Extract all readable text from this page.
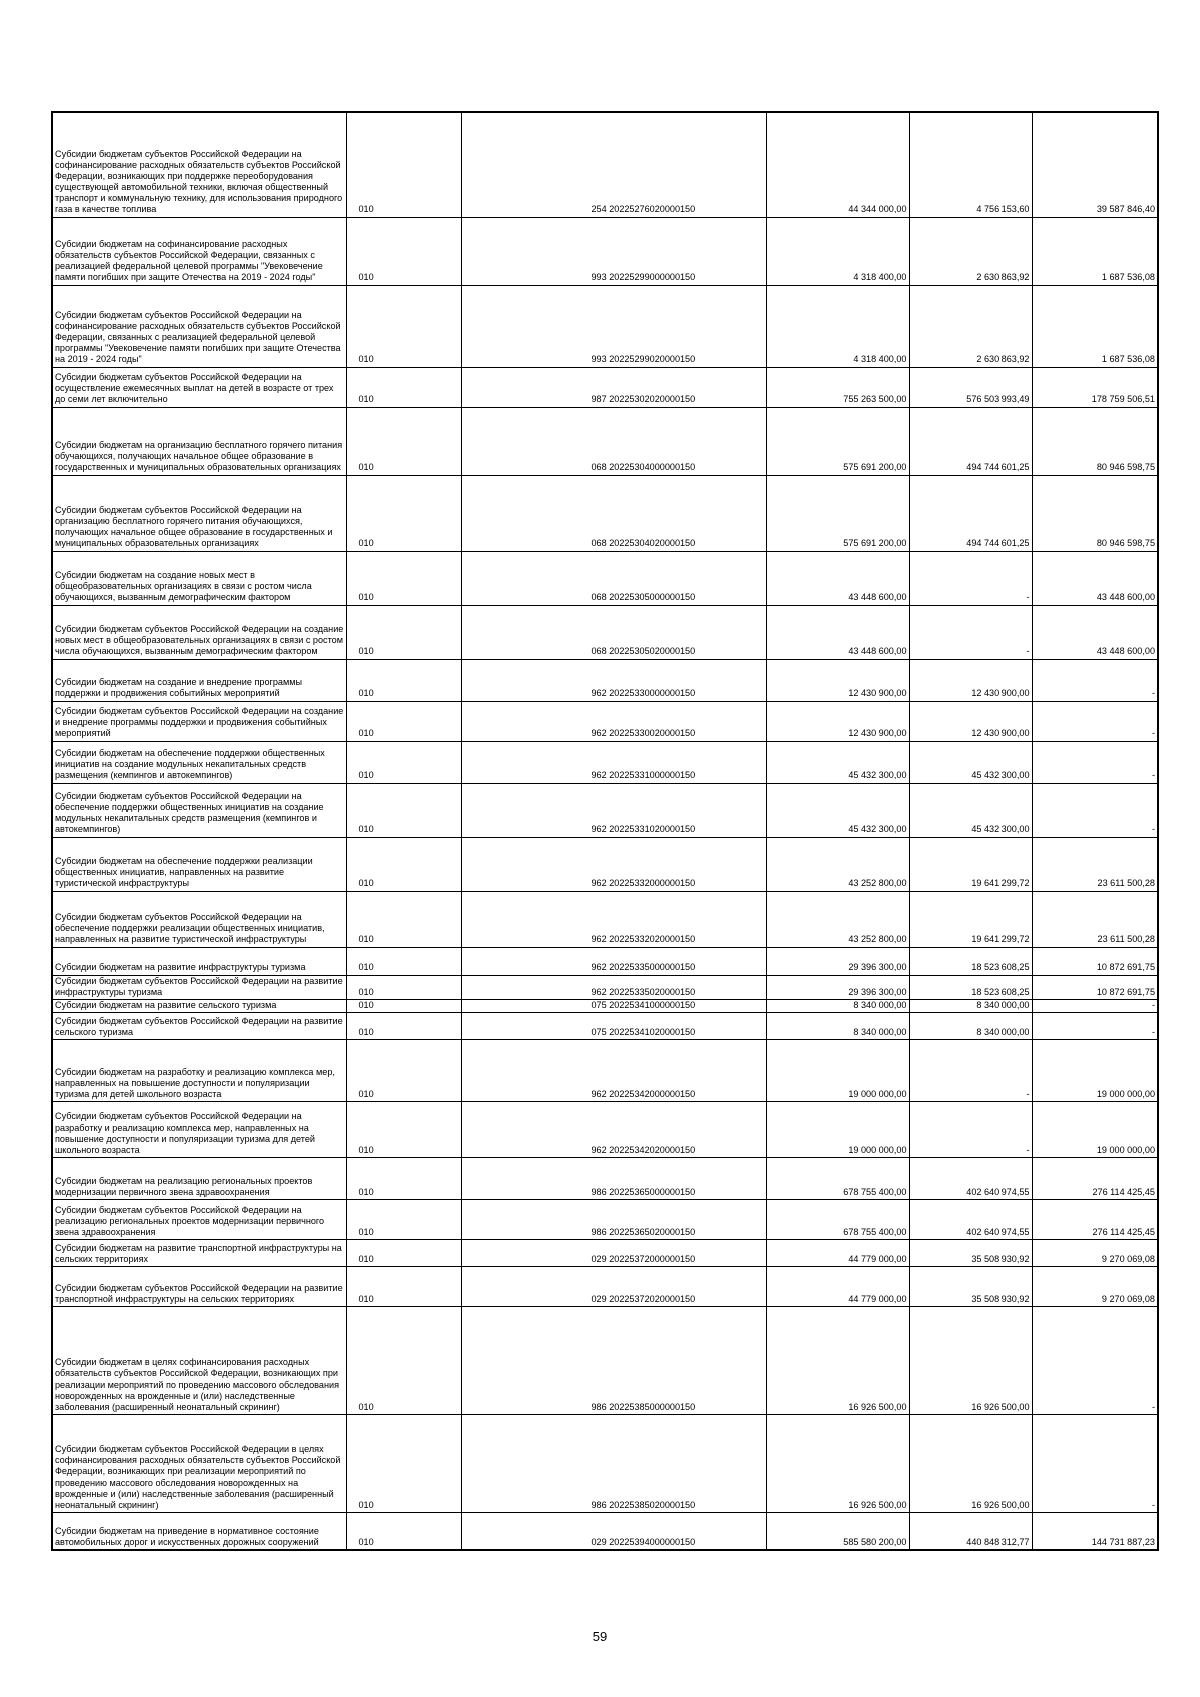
Субсидии бюджетам субъектов Российской Федерации на софинансирование расходных обязательств субъектов Российской Федерации, возникающих при поддержке переоборудования существующей автомобильной техники, включая общественный транспорт и коммунальную технику, для использования природного газа в качестве топлива	010	254 20225276020000150	44 344 000,00	4 756 153,60	39 587 846,40
Субсидии бюджетам на софинансирование расходных обязательств субъектов Российской Федерации, связанных с реализацией федеральной целевой программы "Увековечение памяти погибших при защите Отечества на 2019 - 2024 годы"	010	993 20225299000000150	4 318 400,00	2 630 863,92	1 687 536,08
Субсидии бюджетам субъектов Российской Федерации на софинансирование расходных обязательств субъектов Российской Федерации, связанных с реализацией федеральной целевой программы "Увековечение памяти погибших при защите Отечества на 2019 - 2024 годы"	010	993 20225299020000150	4 318 400,00	2 630 863,92	1 687 536,08
Субсидии бюджетам субъектов Российской Федерации на осуществление ежемесячных выплат на детей в возрасте от трех до семи лет включительно	010	987 20225302020000150	755 263 500,00	576 503 993,49	178 759 506,51
Субсидии бюджетам на организацию бесплатного горячего питания обучающихся, получающих начальное общее образование в государственных и муниципальных образовательных организациях	010	068 20225304000000150	575 691 200,00	494 744 601,25	80 946 598,75
Субсидии бюджетам субъектов Российской Федерации на организацию бесплатного горячего питания обучающихся, получающих начальное общее образование в государственных и муниципальных образовательных организациях	010	068 20225304020000150	575 691 200,00	494 744 601,25	80 946 598,75
Субсидии бюджетам на создание новых мест в общеобразовательных организациях в связи с ростом числа обучающихся, вызванным демографическим фактором	010	068 20225305000000150	43 448 600,00	-	43 448 600,00
Субсидии бюджетам субъектов Российской Федерации на создание новых мест в общеобразовательных организациях в связи с ростом числа обучающихся, вызванным демографическим фактором	010	068 20225305020000150	43 448 600,00	-	43 448 600,00
Субсидии бюджетам на создание и внедрение программы поддержки и продвижения событийных мероприятий	010	962 20225330000000150	12 430 900,00	12 430 900,00	-
Субсидии бюджетам субъектов Российской Федерации на создание и внедрение программы поддержки и продвижения событийных мероприятий	010	962 20225330020000150	12 430 900,00	12 430 900,00	-
Субсидии бюджетам на обеспечение поддержки общественных инициатив на создание модульных некапитальных средств размещения (кемпингов и автокемпингов)	010	962 20225331000000150	45 432 300,00	45 432 300,00	-
Субсидии бюджетам субъектов Российской Федерации на обеспечение поддержки общественных инициатив на создание модульных некапитальных средств размещения (кемпингов и автокемпингов)	010	962 20225331020000150	45 432 300,00	45 432 300,00	-
Субсидии бюджетам на обеспечение поддержки реализации общественных инициатив, направленных на развитие туристической инфраструктуры	010	962 20225332000000150	43 252 800,00	19 641 299,72	23 611 500,28
Субсидии бюджетам субъектов Российской Федерации на обеспечение поддержки реализации общественных инициатив, направленных на развитие туристической инфраструктуры	010	962 20225332020000150	43 252 800,00	19 641 299,72	23 611 500,28
Субсидии бюджетам на развитие инфраструктуры туризма	010	962 20225335000000150	29 396 300,00	18 523 608,25	10 872 691,75
Субсидии бюджетам субъектов Российской Федерации на развитие инфраструктуры туризма	010	962 20225335020000150	29 396 300,00	18 523 608,25	10 872 691,75
Субсидии бюджетам на развитие сельского туризма	010	075 20225341000000150	8 340 000,00	8 340 000,00	-
Субсидии бюджетам субъектов Российской Федерации на развитие сельского туризма	010	075 20225341020000150	8 340 000,00	8 340 000,00	-
Субсидии бюджетам на разработку и реализацию комплекса мер, направленных на повышение доступности и популяризации туризма для детей школьного возраста	010	962 20225342000000150	19 000 000,00	-	19 000 000,00
Субсидии бюджетам субъектов Российской Федерации на разработку и реализацию комплекса мер, направленных на повышение доступности и популяризации туризма для детей школьного возраста	010	962 20225342020000150	19 000 000,00	-	19 000 000,00
Субсидии бюджетам на реализацию региональных проектов модернизации первичного звена здравоохранения	010	986 20225365000000150	678 755 400,00	402 640 974,55	276 114 425,45
Субсидии бюджетам субъектов Российской Федерации на реализацию региональных проектов модернизации первичного звена здравоохранения	010	986 20225365020000150	678 755 400,00	402 640 974,55	276 114 425,45
Субсидии бюджетам на развитие транспортной инфраструктуры на сельских территориях	010	029 20225372000000150	44 779 000,00	35 508 930,92	9 270 069,08
Субсидии бюджетам субъектов Российской Федерации на развитие транспортной инфраструктуры на сельских территориях	010	029 20225372020000150	44 779 000,00	35 508 930,92	9 270 069,08
Субсидии бюджетам в целях софинансирования расходных обязательств субъектов Российской Федерации, возникающих при реализации мероприятий по проведению массового обследования новорожденных на врожденные и (или) наследственные заболевания (расширенный неонатальный скрининг)	010	986 20225385000000150	16 926 500,00	16 926 500,00	-
Субсидии бюджетам субъектов Российской Федерации в целях софинансирования расходных обязательств субъектов Российской Федерации, возникающих при реализации мероприятий по проведению массового обследования новорожденных на врожденные и (или) наследственные заболевания (расширенный неонатальный скрининг)	010	986 20225385020000150	16 926 500,00	16 926 500,00	-
Субсидии бюджетам на приведение в нормативное состояние автомобильных дорог и искусственных дорожных сооружений	010	029 20225394000000150	585 580 200,00	440 848 312,77	144 731 887,23
59
